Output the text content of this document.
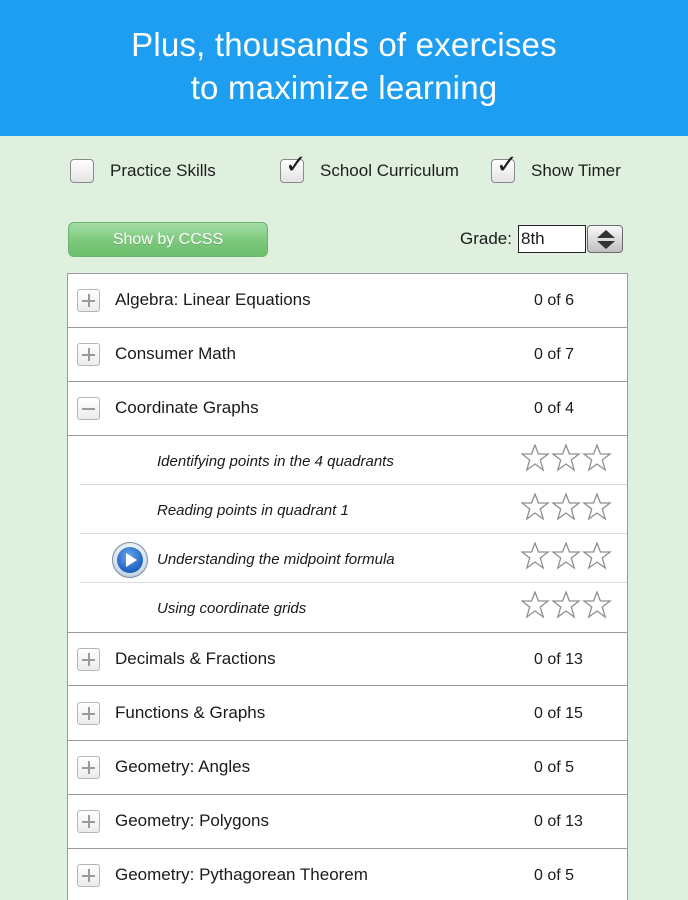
Plus, thousands of exercises
to maximize learning
Practice Skills	✓ School Curriculum ✓ Show Timer
Show by CCSS	Grade: 8th
Algebra: Linear Equations	0 of 6
Consumer Math	0 of 7
Coordinate Graphs	0 of 4
Identifying points in the 4 quadrants
Reading points in quadrant 1
Understanding the midpoint formula
Using coordinate grids
Decimals & Fractions	0 of 13
Functions & Graphs	0 of 15
Geometry: Angles	0 of 5
Geometry: Polygons	0 of 13
Geometry: Pythagorean Theorem	0 of 5
